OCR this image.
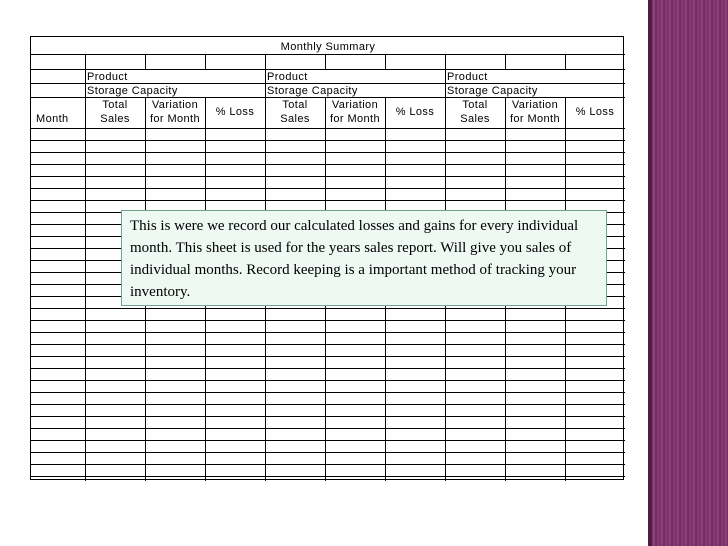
Monthly Summary
Month
Product
Storage Capacity
Total
Sales
Variation
for Month
% Loss
Product
Storage Capacity
Total
Sales
Variation
for Month
% Loss
Product
Storage Capacity
Total
Sales
Variation
for Month
% Loss
This is were we record our calculated losses and gains for every individual month. This sheet is used for the years sales report. Will give you sales of individual months. Record keeping is a important method of tracking your inventory.
